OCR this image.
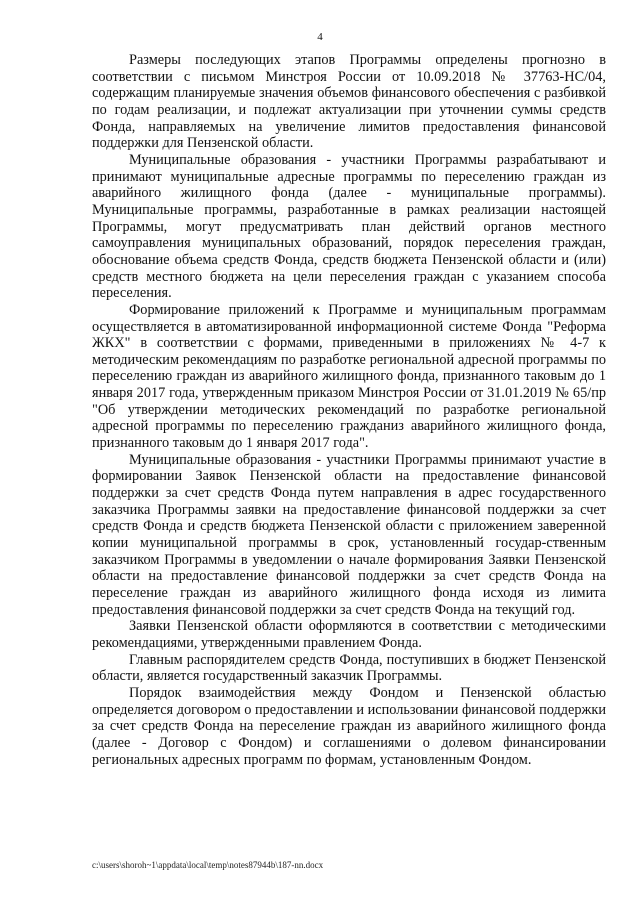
4

Размеры последующих этапов Программы определены прогнозно в соответствии с письмом Минстроя России от 10.09.2018 № 37763-НС/04, содержащим планируемые значения объемов финансового обеспечения с разбивкой по годам реализации, и подлежат актуализации при уточнении суммы средств Фонда, направляемых на увеличение лимитов предоставления финансовой поддержки для Пензенской области.

Муниципальные образования - участники Программы разрабатывают и принимают муниципальные адресные программы по переселению граждан из аварийного жилищного фонда (далее - муниципальные программы). Муниципальные программы, разработанные в рамках реализации настоящей Программы, могут предусматривать план действий органов местного самоуправления муниципальных образований, порядок переселения граждан, обоснование объема средств Фонда, средств бюджета Пензенской области и (или) средств местного бюджета на цели переселения граждан с указанием способа переселения.

Формирование приложений к Программе и муниципальным программам осуществляется в автоматизированной информационной системе Фонда "Реформа ЖКХ" в соответствии с формами, приведенными в приложениях № 4-7 к методическим рекомендациям по разработке региональной адресной программы по переселению граждан из аварийного жилищного фонда, признанного таковым до 1 января 2017 года, утвержденным приказом Минстроя России от 31.01.2019 № 65/пр "Об утверждении методических рекомендаций по разработке региональной адресной программы по переселению гражданиз аварийного жилищного фонда, признанного таковым до 1 января 2017 года".

Муниципальные образования - участники Программы принимают участие в формировании Заявок Пензенской области на предоставление финансовой поддержки за счет средств Фонда путем направления в адрес государственного заказчика Программы заявки на предоставление финансовой поддержки за счет средств Фонда и средств бюджета Пензенской области с приложением заверенной копии муниципальной программы в срок, установленный государ-ственным заказчиком Программы в уведомлении о начале формирования Заявки Пензенской области на предоставление финансовой поддержки за счет средств Фонда на переселение граждан из аварийного жилищного фонда исходя из лимита предоставления финансовой поддержки за счет средств Фонда на текущий год.

Заявки Пензенской области оформляются в соответствии с методическими рекомендациями, утвержденными правлением Фонда.

Главным распорядителем средств Фонда, поступивших в бюджет Пензенской области, является государственный заказчик Программы.

Порядок взаимодействия между Фондом и Пензенской областью определяется договором о предоставлении и использовании финансовой поддержки за счет средств Фонда на переселение граждан из аварийного жилищного фонда (далее - Договор с Фондом) и соглашениями о долевом финансировании региональных адресных программ по формам, установленным Фондом.

c:\users\shoroh~1\appdata\local\temp\notes87944b\187-nn.docx
